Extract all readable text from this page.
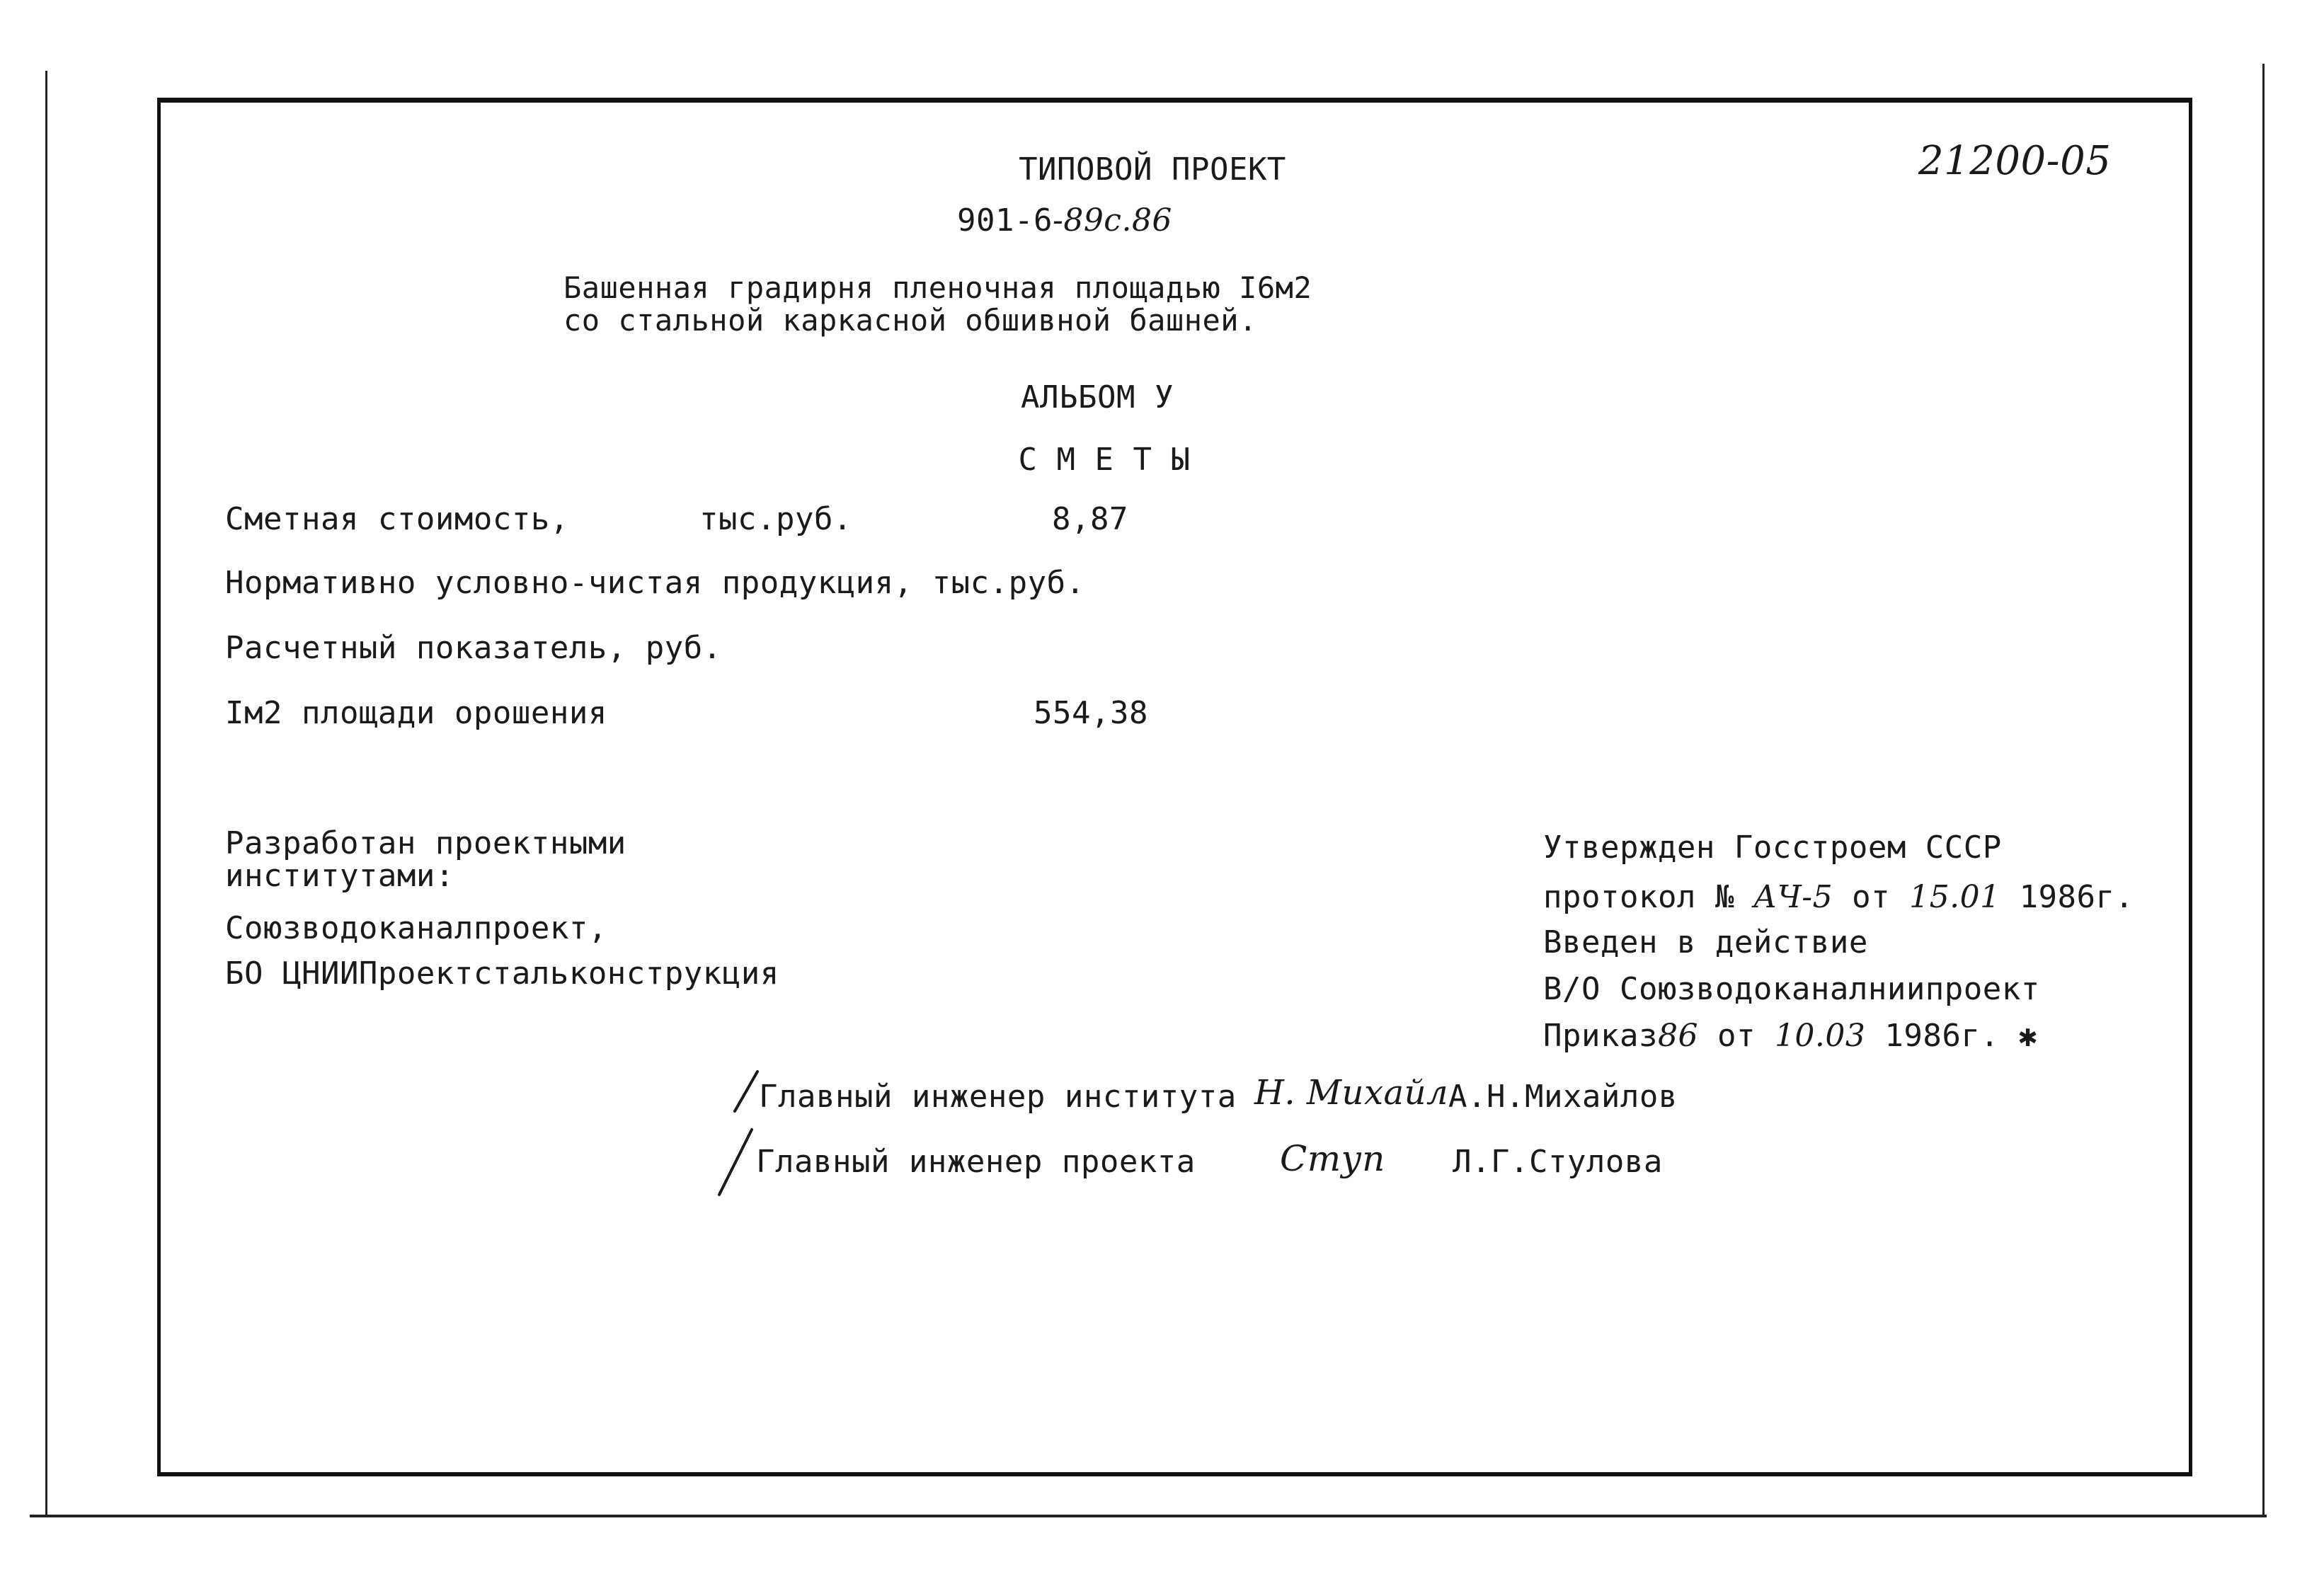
21200-05
ТИПОВОЙ ПРОЕКТ
901-6-89с.86
Башенная градирня пленочная площадью I6м2
со стальной каркасной обшивной башней.
АЛЬБОМ У
С М Е Т Ы
Сметная стоимость,	тыс.руб.	8,87
Нормативно условно-чистая продукция, тыс.руб.
Расчетный показатель, руб.
Iм2 площади орошения	554,38
Разработан проектными
институтами:
Союзводоканалпроект,
БО ЦНИИПроектстальконструкция
Утвержден Госстроем СССР
протокол № АЧ-5 от 15.01 1986г.
Введен в действие
В/О Союзводоканалниипроект
Приказ86 от 10.03 1986г. ✱
Главный инженер института Н. Михайл А.Н.Михайлов
Главный инженер проекта Ступ Л.Г.Стулова
